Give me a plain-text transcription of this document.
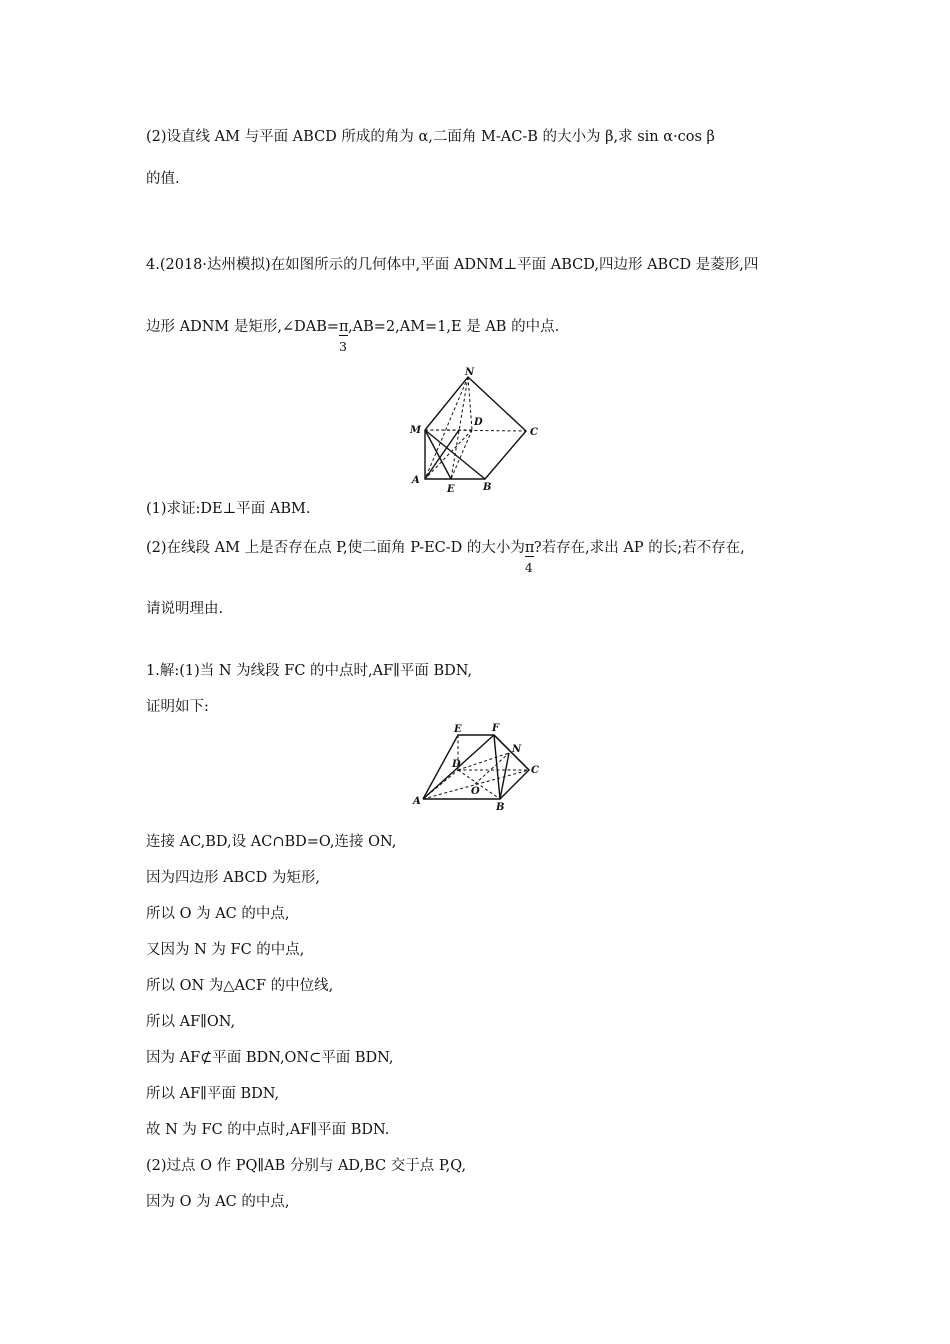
(2)设直线 AM 与平面 ABCD 所成的角为 α,二面角 M-AC-B 的大小为 β,求 sin α·cos β
的值.
4.(2018·达州模拟)在如图所示的几何体中,平面 ADNM⊥平面 ABCD,四边形 ABCD 是菱形,四
边形 ADNM 是矩形,∠DAB= $\frac{\pi}{3} ,AB=2,AM=1,E$ 是 AB 的中点.
N
D
M	C
A
E	B
(1)求证:DE⊥平面 ABM.
(2)在线段 AM 上是否存在点 P,使二面角 P-EC-D 的大小为 $\frac{\pi}{4}$ ?若存在,求出 AP 的长;若不存在,
请说明理由.
1.解:(1)当 N 为线段 FC 的中点时,AF∥平面 BDN,
证明如下:
E	F
N
D
C
O
A
B
连接 AC,BD,设 AC∩BD=O,连接 ON,
因为四边形 ABCD 为矩形,
所以 O 为 AC 的中点,
又因为 N 为 FC 的中点,
所以 ON 为△ACF 的中位线,
所以 AF∥ON,
因为 AF⊄平面 BDN,ON⊂平面 BDN,
所以 AF∥平面 BDN,
故 N 为 FC 的中点时,AF∥平面 BDN.
(2)过点 O 作 PQ∥AB 分别与 AD,BC 交于点 P,Q,
因为 O 为 AC 的中点,
